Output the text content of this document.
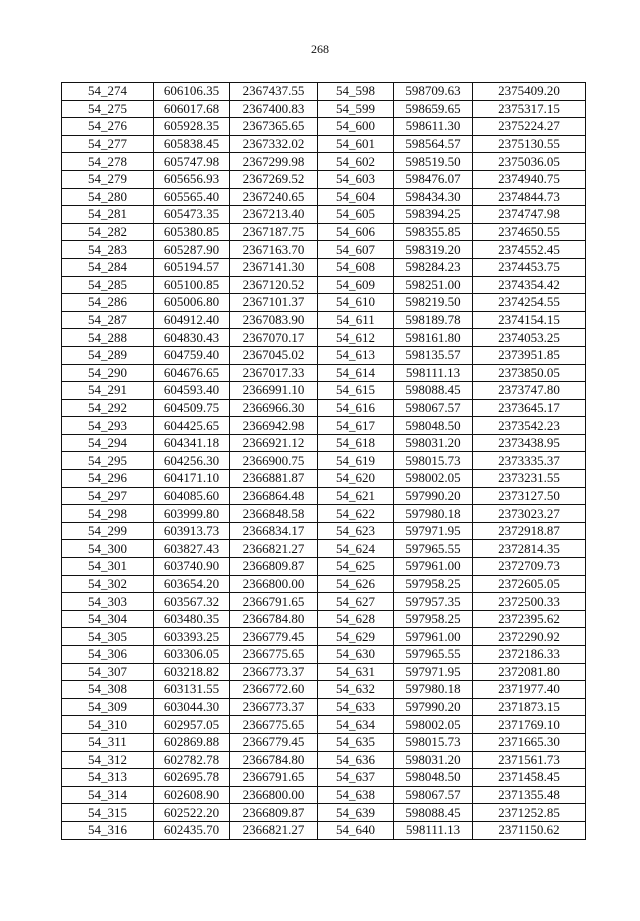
268
54_274	606106.35	2367437.55	54_598	598709.63	2375409.20
54_275	606017.68	2367400.83	54_599	598659.65	2375317.15
54_276	605928.35	2367365.65	54_600	598611.30	2375224.27
54_277	605838.45	2367332.02	54_601	598564.57	2375130.55
54_278	605747.98	2367299.98	54_602	598519.50	2375036.05
54_279	605656.93	2367269.52	54_603	598476.07	2374940.75
54_280	605565.40	2367240.65	54_604	598434.30	2374844.73
54_281	605473.35	2367213.40	54_605	598394.25	2374747.98
54_282	605380.85	2367187.75	54_606	598355.85	2374650.55
54_283	605287.90	2367163.70	54_607	598319.20	2374552.45
54_284	605194.57	2367141.30	54_608	598284.23	2374453.75
54_285	605100.85	2367120.52	54_609	598251.00	2374354.42
54_286	605006.80	2367101.37	54_610	598219.50	2374254.55
54_287	604912.40	2367083.90	54_611	598189.78	2374154.15
54_288	604830.43	2367070.17	54_612	598161.80	2374053.25
54_289	604759.40	2367045.02	54_613	598135.57	2373951.85
54_290	604676.65	2367017.33	54_614	598111.13	2373850.05
54_291	604593.40	2366991.10	54_615	598088.45	2373747.80
54_292	604509.75	2366966.30	54_616	598067.57	2373645.17
54_293	604425.65	2366942.98	54_617	598048.50	2373542.23
54_294	604341.18	2366921.12	54_618	598031.20	2373438.95
54_295	604256.30	2366900.75	54_619	598015.73	2373335.37
54_296	604171.10	2366881.87	54_620	598002.05	2373231.55
54_297	604085.60	2366864.48	54_621	597990.20	2373127.50
54_298	603999.80	2366848.58	54_622	597980.18	2373023.27
54_299	603913.73	2366834.17	54_623	597971.95	2372918.87
54_300	603827.43	2366821.27	54_624	597965.55	2372814.35
54_301	603740.90	2366809.87	54_625	597961.00	2372709.73
54_302	603654.20	2366800.00	54_626	597958.25	2372605.05
54_303	603567.32	2366791.65	54_627	597957.35	2372500.33
54_304	603480.35	2366784.80	54_628	597958.25	2372395.62
54_305	603393.25	2366779.45	54_629	597961.00	2372290.92
54_306	603306.05	2366775.65	54_630	597965.55	2372186.33
54_307	603218.82	2366773.37	54_631	597971.95	2372081.80
54_308	603131.55	2366772.60	54_632	597980.18	2371977.40
54_309	603044.30	2366773.37	54_633	597990.20	2371873.15
54_310	602957.05	2366775.65	54_634	598002.05	2371769.10
54_311	602869.88	2366779.45	54_635	598015.73	2371665.30
54_312	602782.78	2366784.80	54_636	598031.20	2371561.73
54_313	602695.78	2366791.65	54_637	598048.50	2371458.45
54_314	602608.90	2366800.00	54_638	598067.57	2371355.48
54_315	602522.20	2366809.87	54_639	598088.45	2371252.85
54_316	602435.70	2366821.27	54_640	598111.13	2371150.62
